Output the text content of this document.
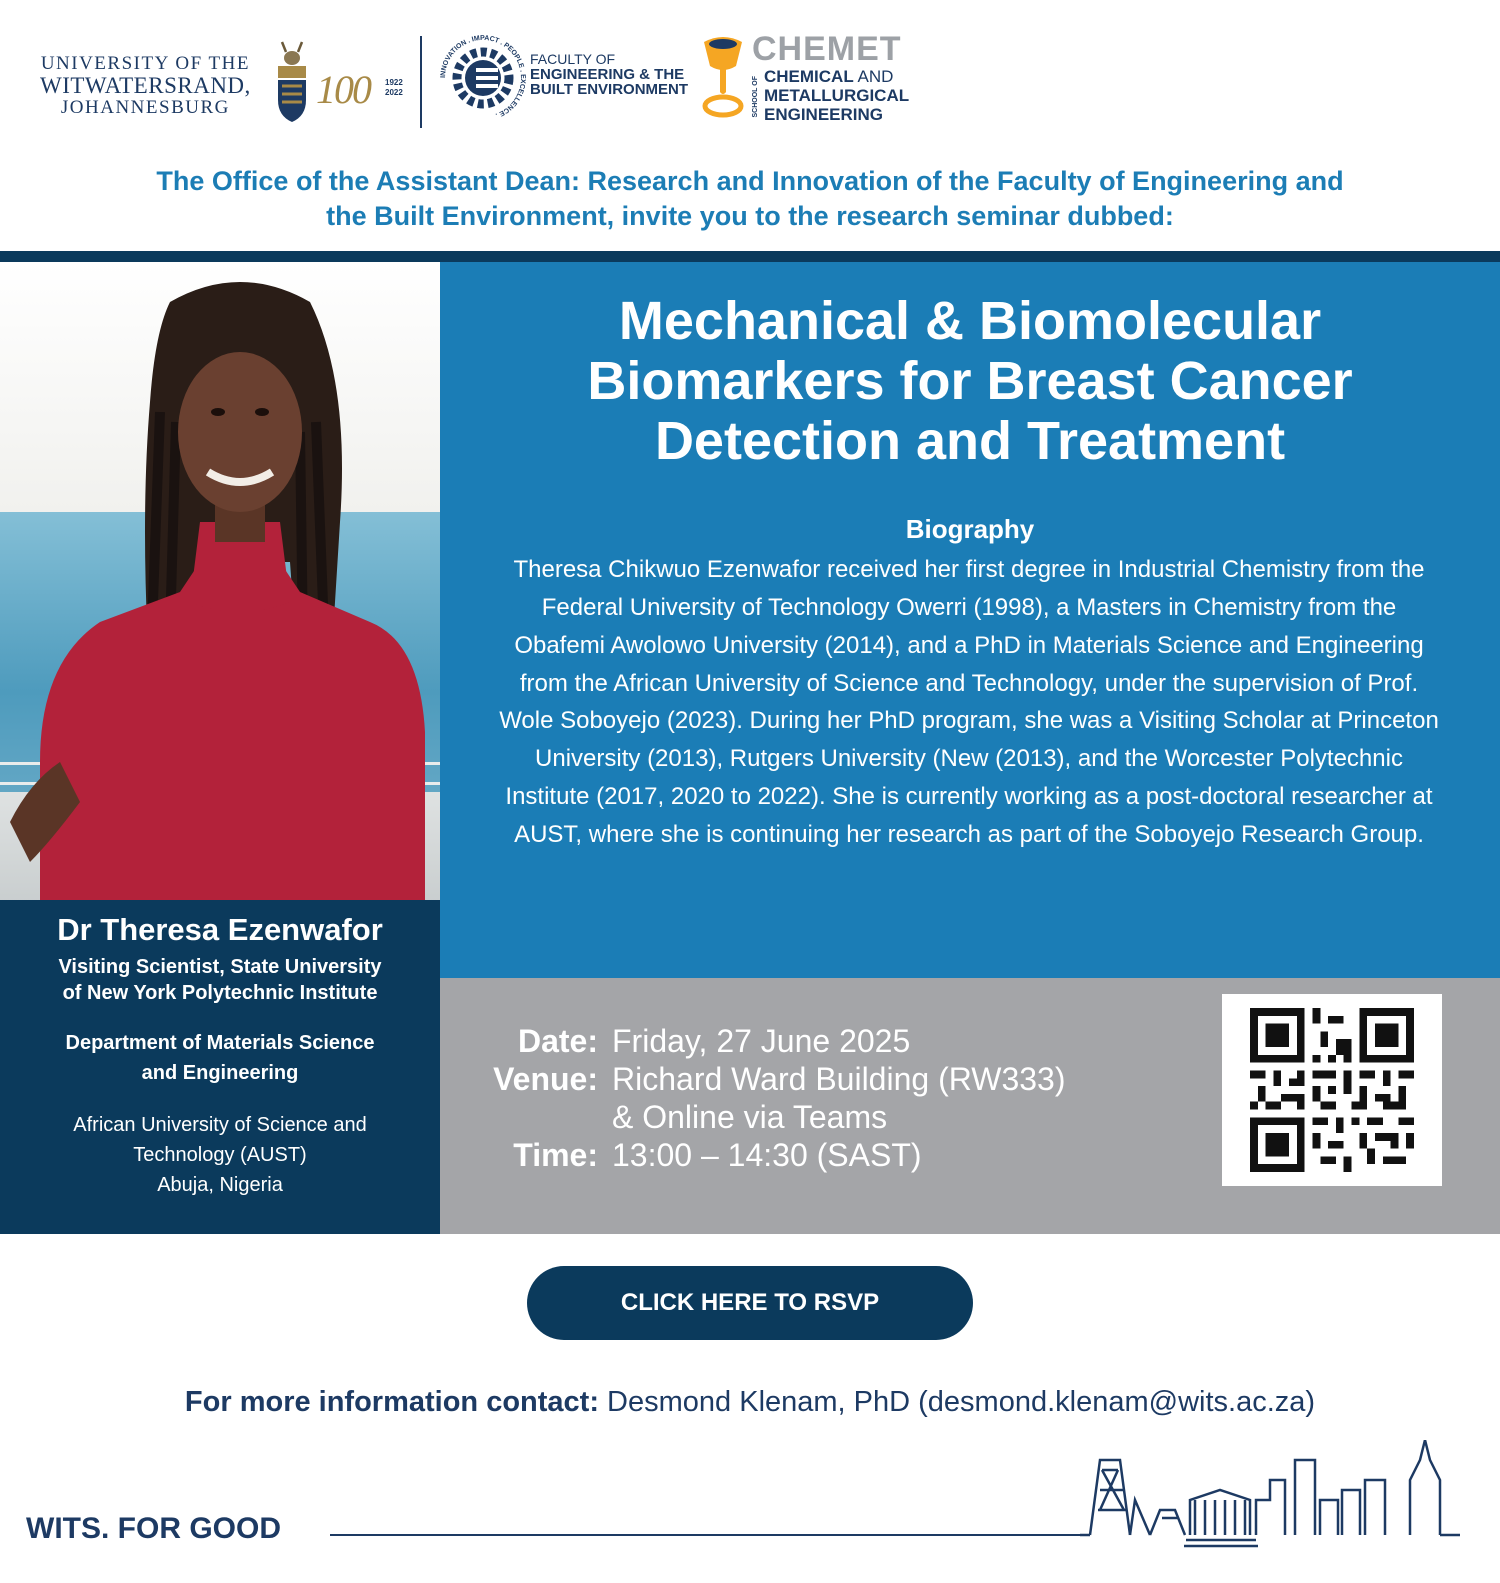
UNIVERSITY OF THE
WITWATERSRAND,
JOHANNESBURG	100 1922
2022
INNOVATION . IMPACT . PEOPLE . EXCELLENCE .
FACULTY OF
ENGINEERING & THE
BUILT ENVIRONMENT
CHEMET
CHEMICAL AND
METALLURGICAL
ENGINEERING
SCHOOL OF
The Office of the Assistant Dean: Research and Innovation of the Faculty of Engineering and
the Built Environment, invite you to the research seminar dubbed:
Dr Theresa Ezenwafor
Visiting Scientist, State University
of New York Polytechnic Institute
Department of Materials Science
and Engineering
African University of Science and
Technology (AUST)
Abuja, Nigeria
Mechanical & Biomolecular
Biomarkers for Breast Cancer
Detection and Treatment
Biography
Theresa Chikwuo Ezenwafor received her first degree in Industrial Chemistry from the Federal University of Technology Owerri (1998), a Masters in Chemistry from the Obafemi Awolowo University (2014), and a PhD in Materials Science and Engineering from the African University of Science and Technology, under the supervision of Prof. Wole Soboyejo (2023). During her PhD program, she was a Visiting Scholar at Princeton University (2013), Rutgers University (New (2013), and the Worcester Polytechnic Institute (2017, 2020 to 2022). She is currently working as a post-doctoral researcher at AUST, where she is continuing her research as part of the Soboyejo Research Group.
Date: Friday, 27 June 2025
Venue: Richard Ward Building (RW333)
& Online via Teams
Time: 13:00 – 14:30 (SAST)
CLICK HERE TO RSVP
For more information contact: Desmond Klenam, PhD (desmond.klenam@wits.ac.za)
WITS. FOR GOOD
